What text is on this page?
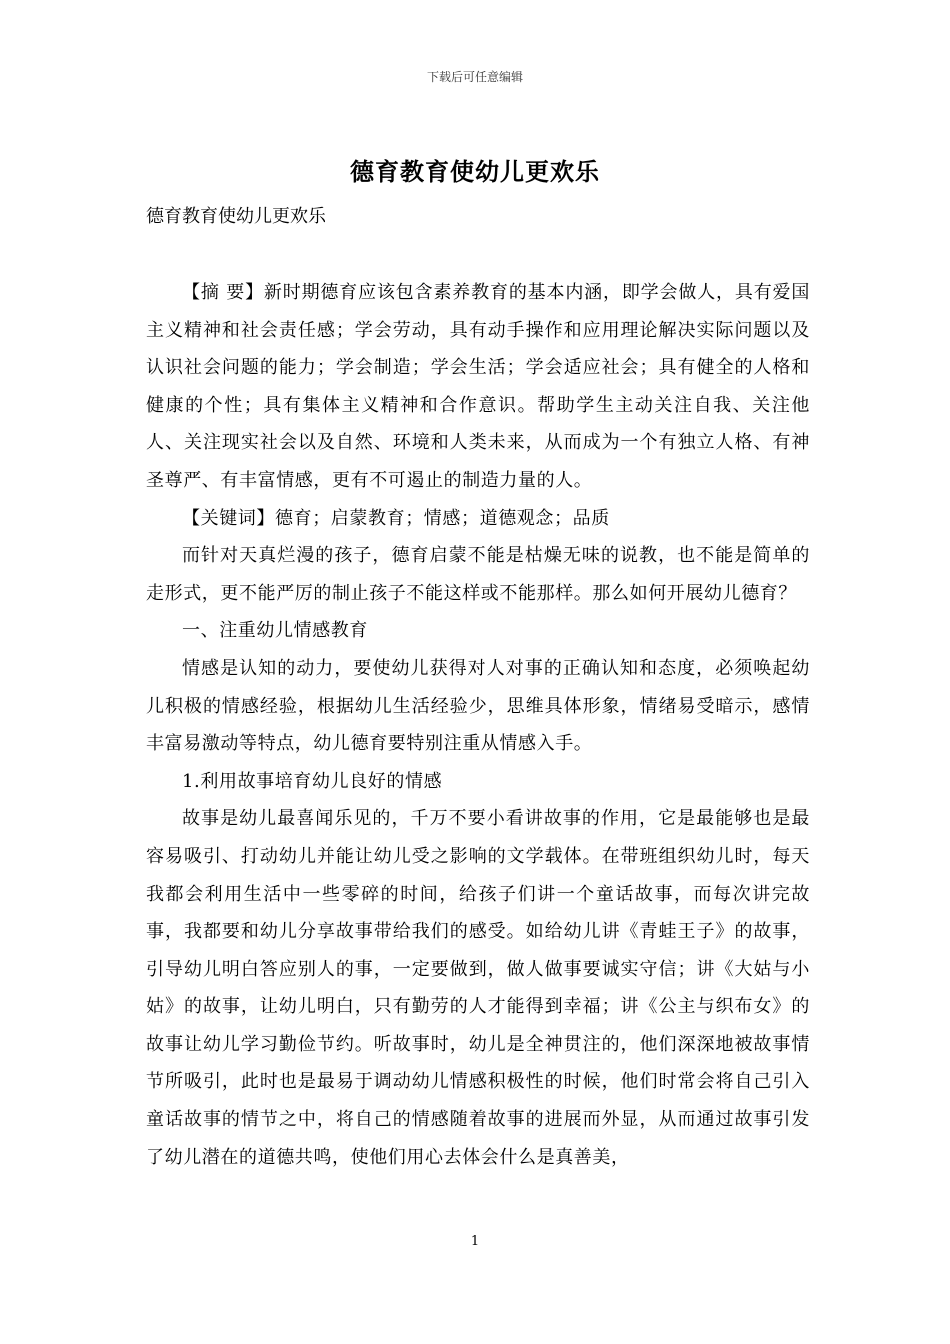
下载后可任意编辑
德育教育使幼儿更欢乐

德育教育使幼儿更欢乐

【摘 要】新时期德育应该包含素养教育的基本内涵，即学会做人，具有爱国主义精神和社会责任感；学会劳动，具有动手操作和应用理论解决实际问题以及认识社会问题的能力；学会制造；学会生活；学会适应社会；具有健全的人格和健康的个性；具有集体主义精神和合作意识。帮助学生主动关注自我、关注他人、关注现实社会以及自然、环境和人类未来，从而成为一个有独立人格、有神圣尊严、有丰富情感，更有不可遏止的制造力量的人。

【关键词】德育；启蒙教育；情感；道德观念；品质

而针对天真烂漫的孩子，德育启蒙不能是枯燥无味的说教，也不能是简单的走形式，更不能严厉的制止孩子不能这样或不能那样。那么如何开展幼儿德育？

一、注重幼儿情感教育

情感是认知的动力，要使幼儿获得对人对事的正确认知和态度，必须唤起幼儿积极的情感经验，根据幼儿生活经验少，思维具体形象，情绪易受暗示，感情丰富易激动等特点，幼儿德育要特别注重从情感入手。

1.利用故事培育幼儿良好的情感

故事是幼儿最喜闻乐见的，千万不要小看讲故事的作用，它是最能够也是最容易吸引、打动幼儿并能让幼儿受之影响的文学载体。在带班组织幼儿时，每天我都会利用生活中一些零碎的时间，给孩子们讲一个童话故事，而每次讲完故事，我都要和幼儿分享故事带给我们的感受。如给幼儿讲《青蛙王子》的故事，引导幼儿明白答应别人的事，一定要做到，做人做事要诚实守信；讲《大姑与小姑》的故事，让幼儿明白，只有勤劳的人才能得到幸福；讲《公主与织布女》的故事让幼儿学习勤俭节约。听故事时，幼儿是全神贯注的，他们深深地被故事情节所吸引，此时也是最易于调动幼儿情感积极性的时候，他们时常会将自己引入童话故事的情节之中，将自己的情感随着故事的进展而外显，从而通过故事引发了幼儿潜在的道德共鸣，使他们用心去体会什么是真善美，

1
